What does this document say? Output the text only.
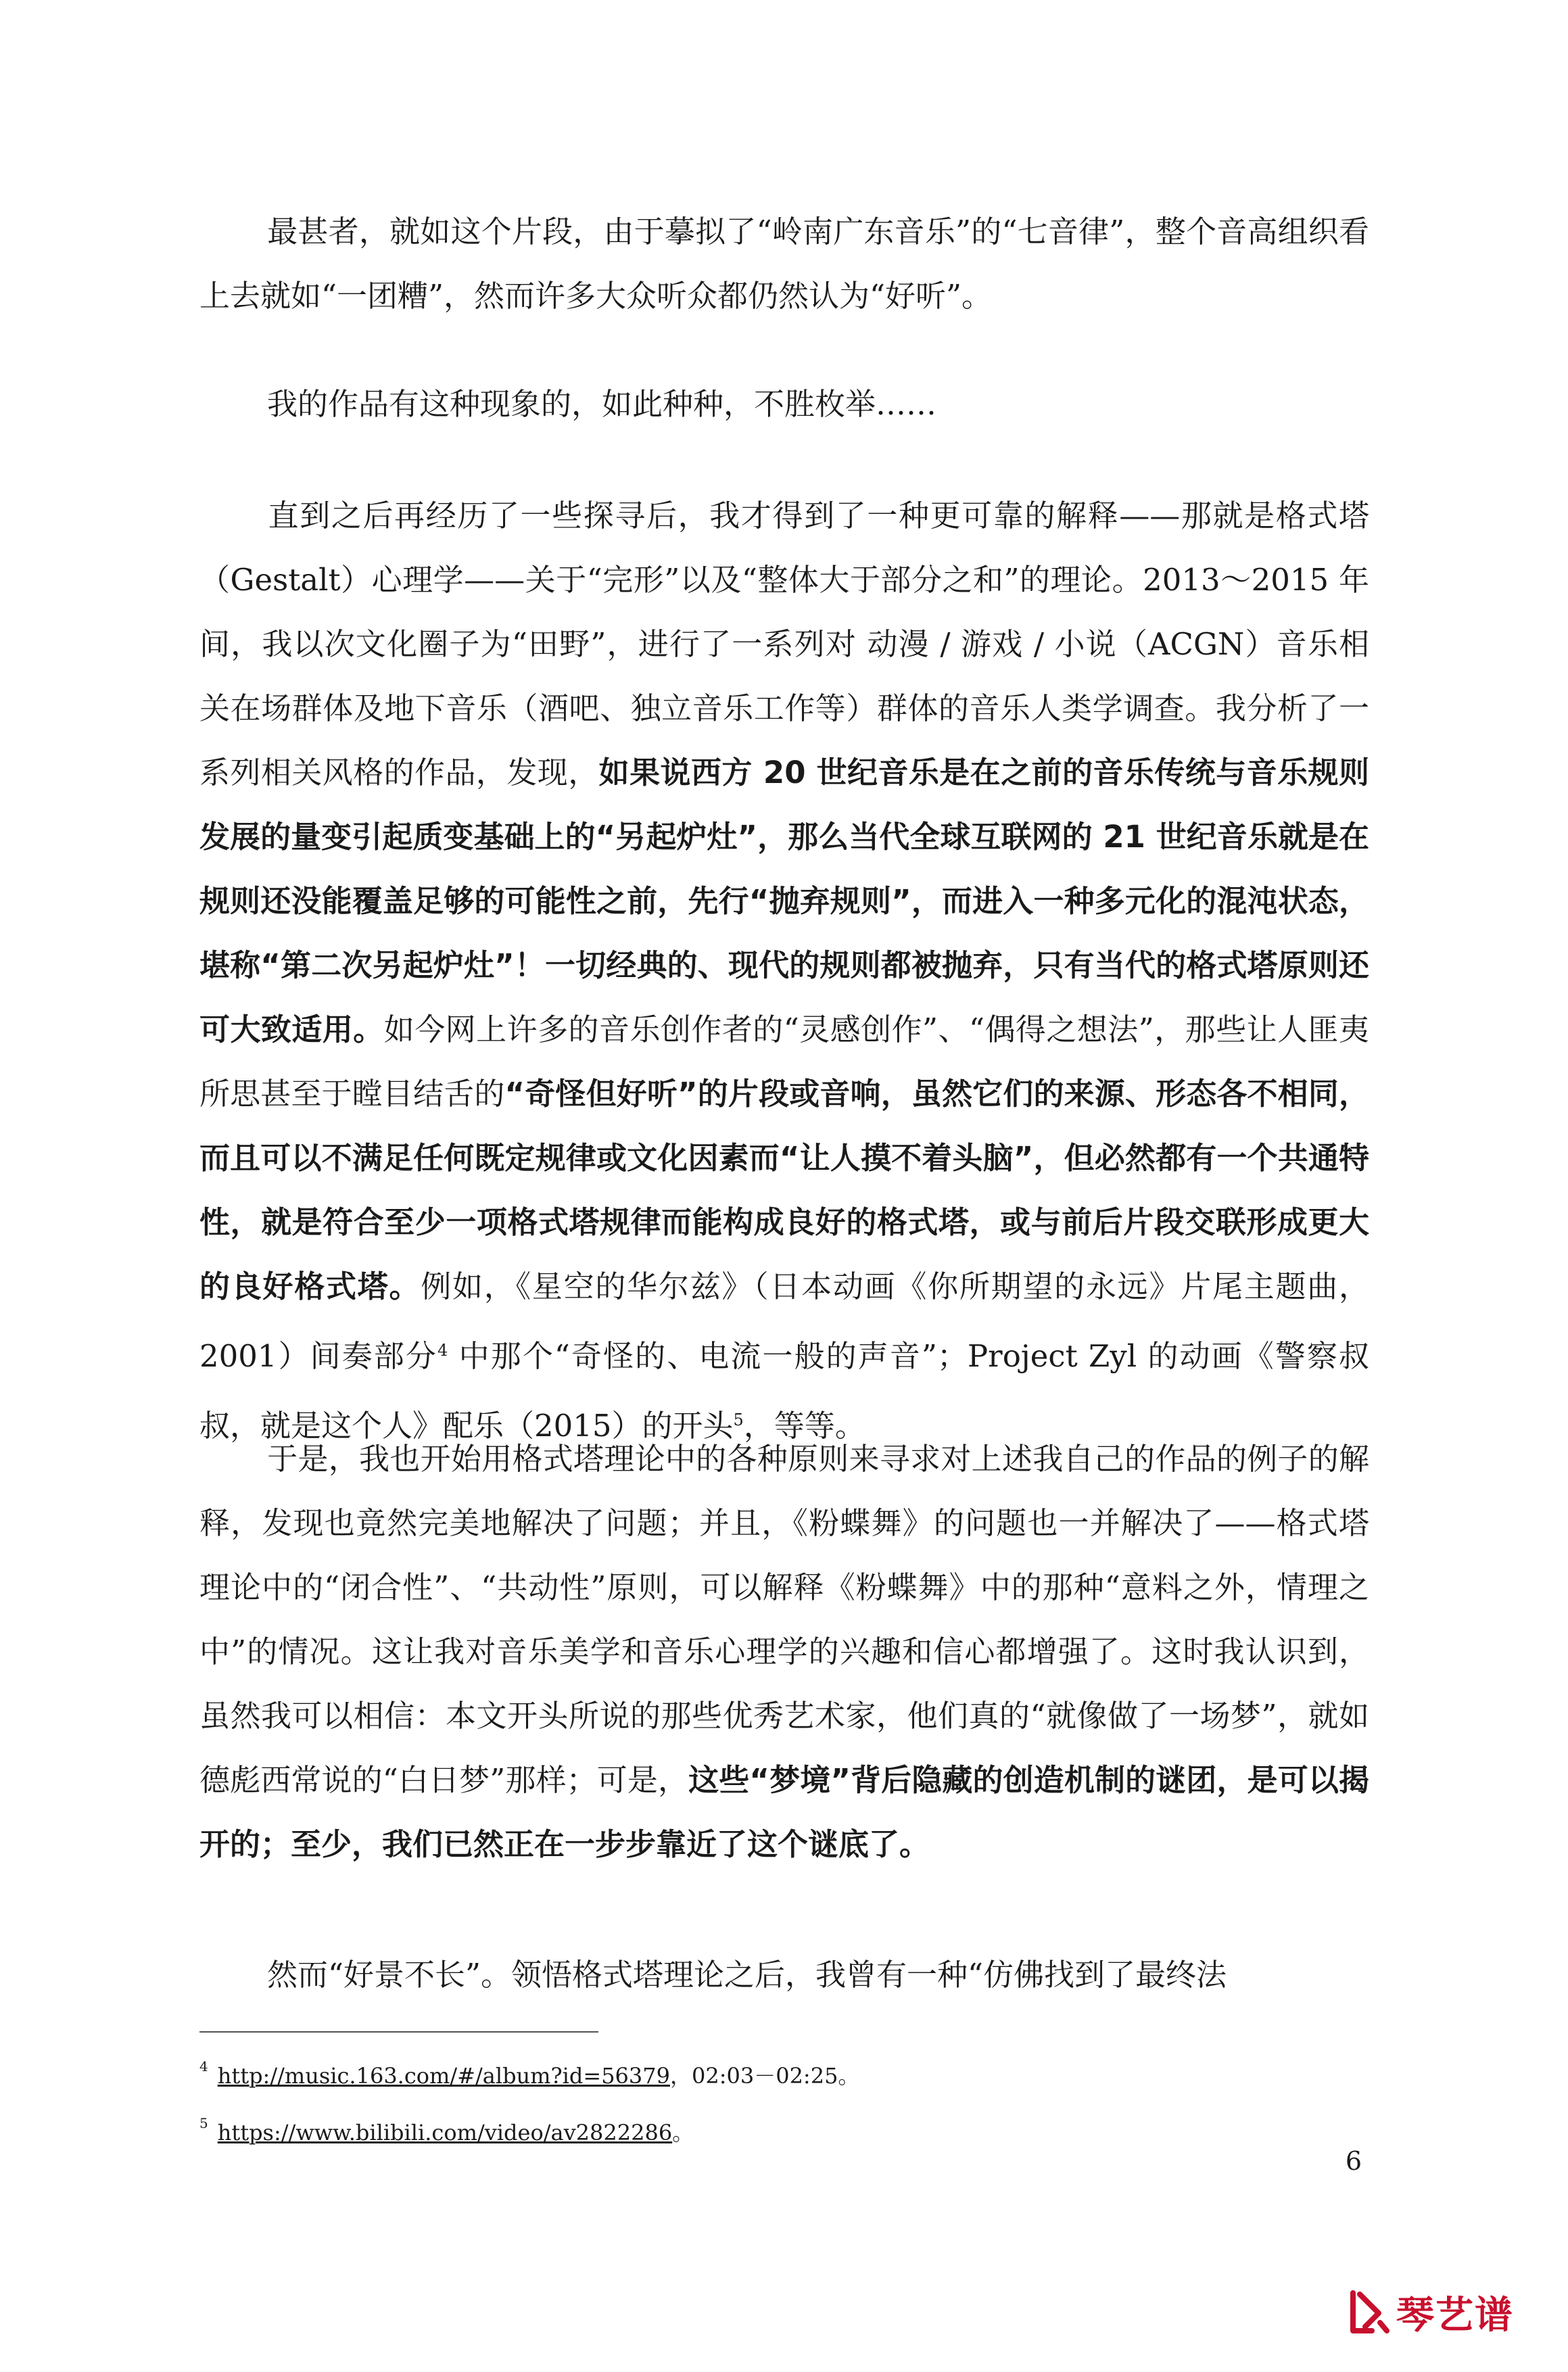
最甚者，就如这个片段，由于摹拟了“岭南广东音乐”的“七音律”，整个音高组织看上去就如“一团糟”，然而许多大众听众都仍然认为“好听”。

我的作品有这种现象的，如此种种，不胜枚举……

直到之后再经历了一些探寻后，我才得到了一种更可靠的解释——那就是格式塔（Gestalt）心理学——关于“完形”以及“整体大于部分之和”的理论。2013～2015 年间，我以次文化圈子为“田野”，进行了一系列对 动漫 / 游戏 / 小说（ACGN）音乐相关在场群体及地下音乐（酒吧、独立音乐工作等）群体的音乐人类学调查。我分析了一系列相关风格的作品，发现，如果说西方 20 世纪音乐是在之前的音乐传统与音乐规则发展的量变引起质变基础上的“另起炉灶”，那么当代全球互联网的 21 世纪音乐就是在规则还没能覆盖足够的可能性之前，先行“抛弃规则”，而进入一种多元化的混沌状态，堪称“第二次另起炉灶”！一切经典的、现代的规则都被抛弃，只有当代的格式塔原则还可大致适用。如今网上许多的音乐创作者的“灵感创作”、“偶得之想法”，那些让人匪夷所思甚至于瞠目结舌的“奇怪但好听”的片段或音响，虽然它们的来源、形态各不相同，而且可以不满足任何既定规律或文化因素而“让人摸不着头脑”，但必然都有一个共通特性，就是符合至少一项格式塔规律而能构成良好的格式塔，或与前后片段交联形成更大的良好格式塔。例如，《星空的华尔兹》（日本动画《你所期望的永远》片尾主题曲，2001）间奏部分$^4$ 中那个“奇怪的、电流一般的声音”；Project Zyl 的动画《警察叔叔，就是这个人》配乐（2015）的开头$^5$，等等。

于是，我也开始用格式塔理论中的各种原则来寻求对上述我自己的作品的例子的解释，发现也竟然完美地解决了问题；并且，《粉蝶舞》的问题也一并解决了——格式塔理论中的“闭合性”、“共动性”原则，可以解释《粉蝶舞》中的那种“意料之外，情理之中”的情况。这让我对音乐美学和音乐心理学的兴趣和信心都增强了。这时我认识到，虽然我可以相信：本文开头所说的那些优秀艺术家，他们真的“就像做了一场梦”，就如德彪西常说的“白日梦”那样；可是，这些“梦境”背后隐藏的创造机制的谜团，是可以揭开的；至少，我们已然正在一步步靠近了这个谜底了。

然而“好景不长”。领悟格式塔理论之后，我曾有一种“仿佛找到了最终法

$^4$ http://music.163.com/#/album?id=56379，02:03－02:25。
$^5$ https://www.bilibili.com/video/av2822286。
6
琴艺谱
